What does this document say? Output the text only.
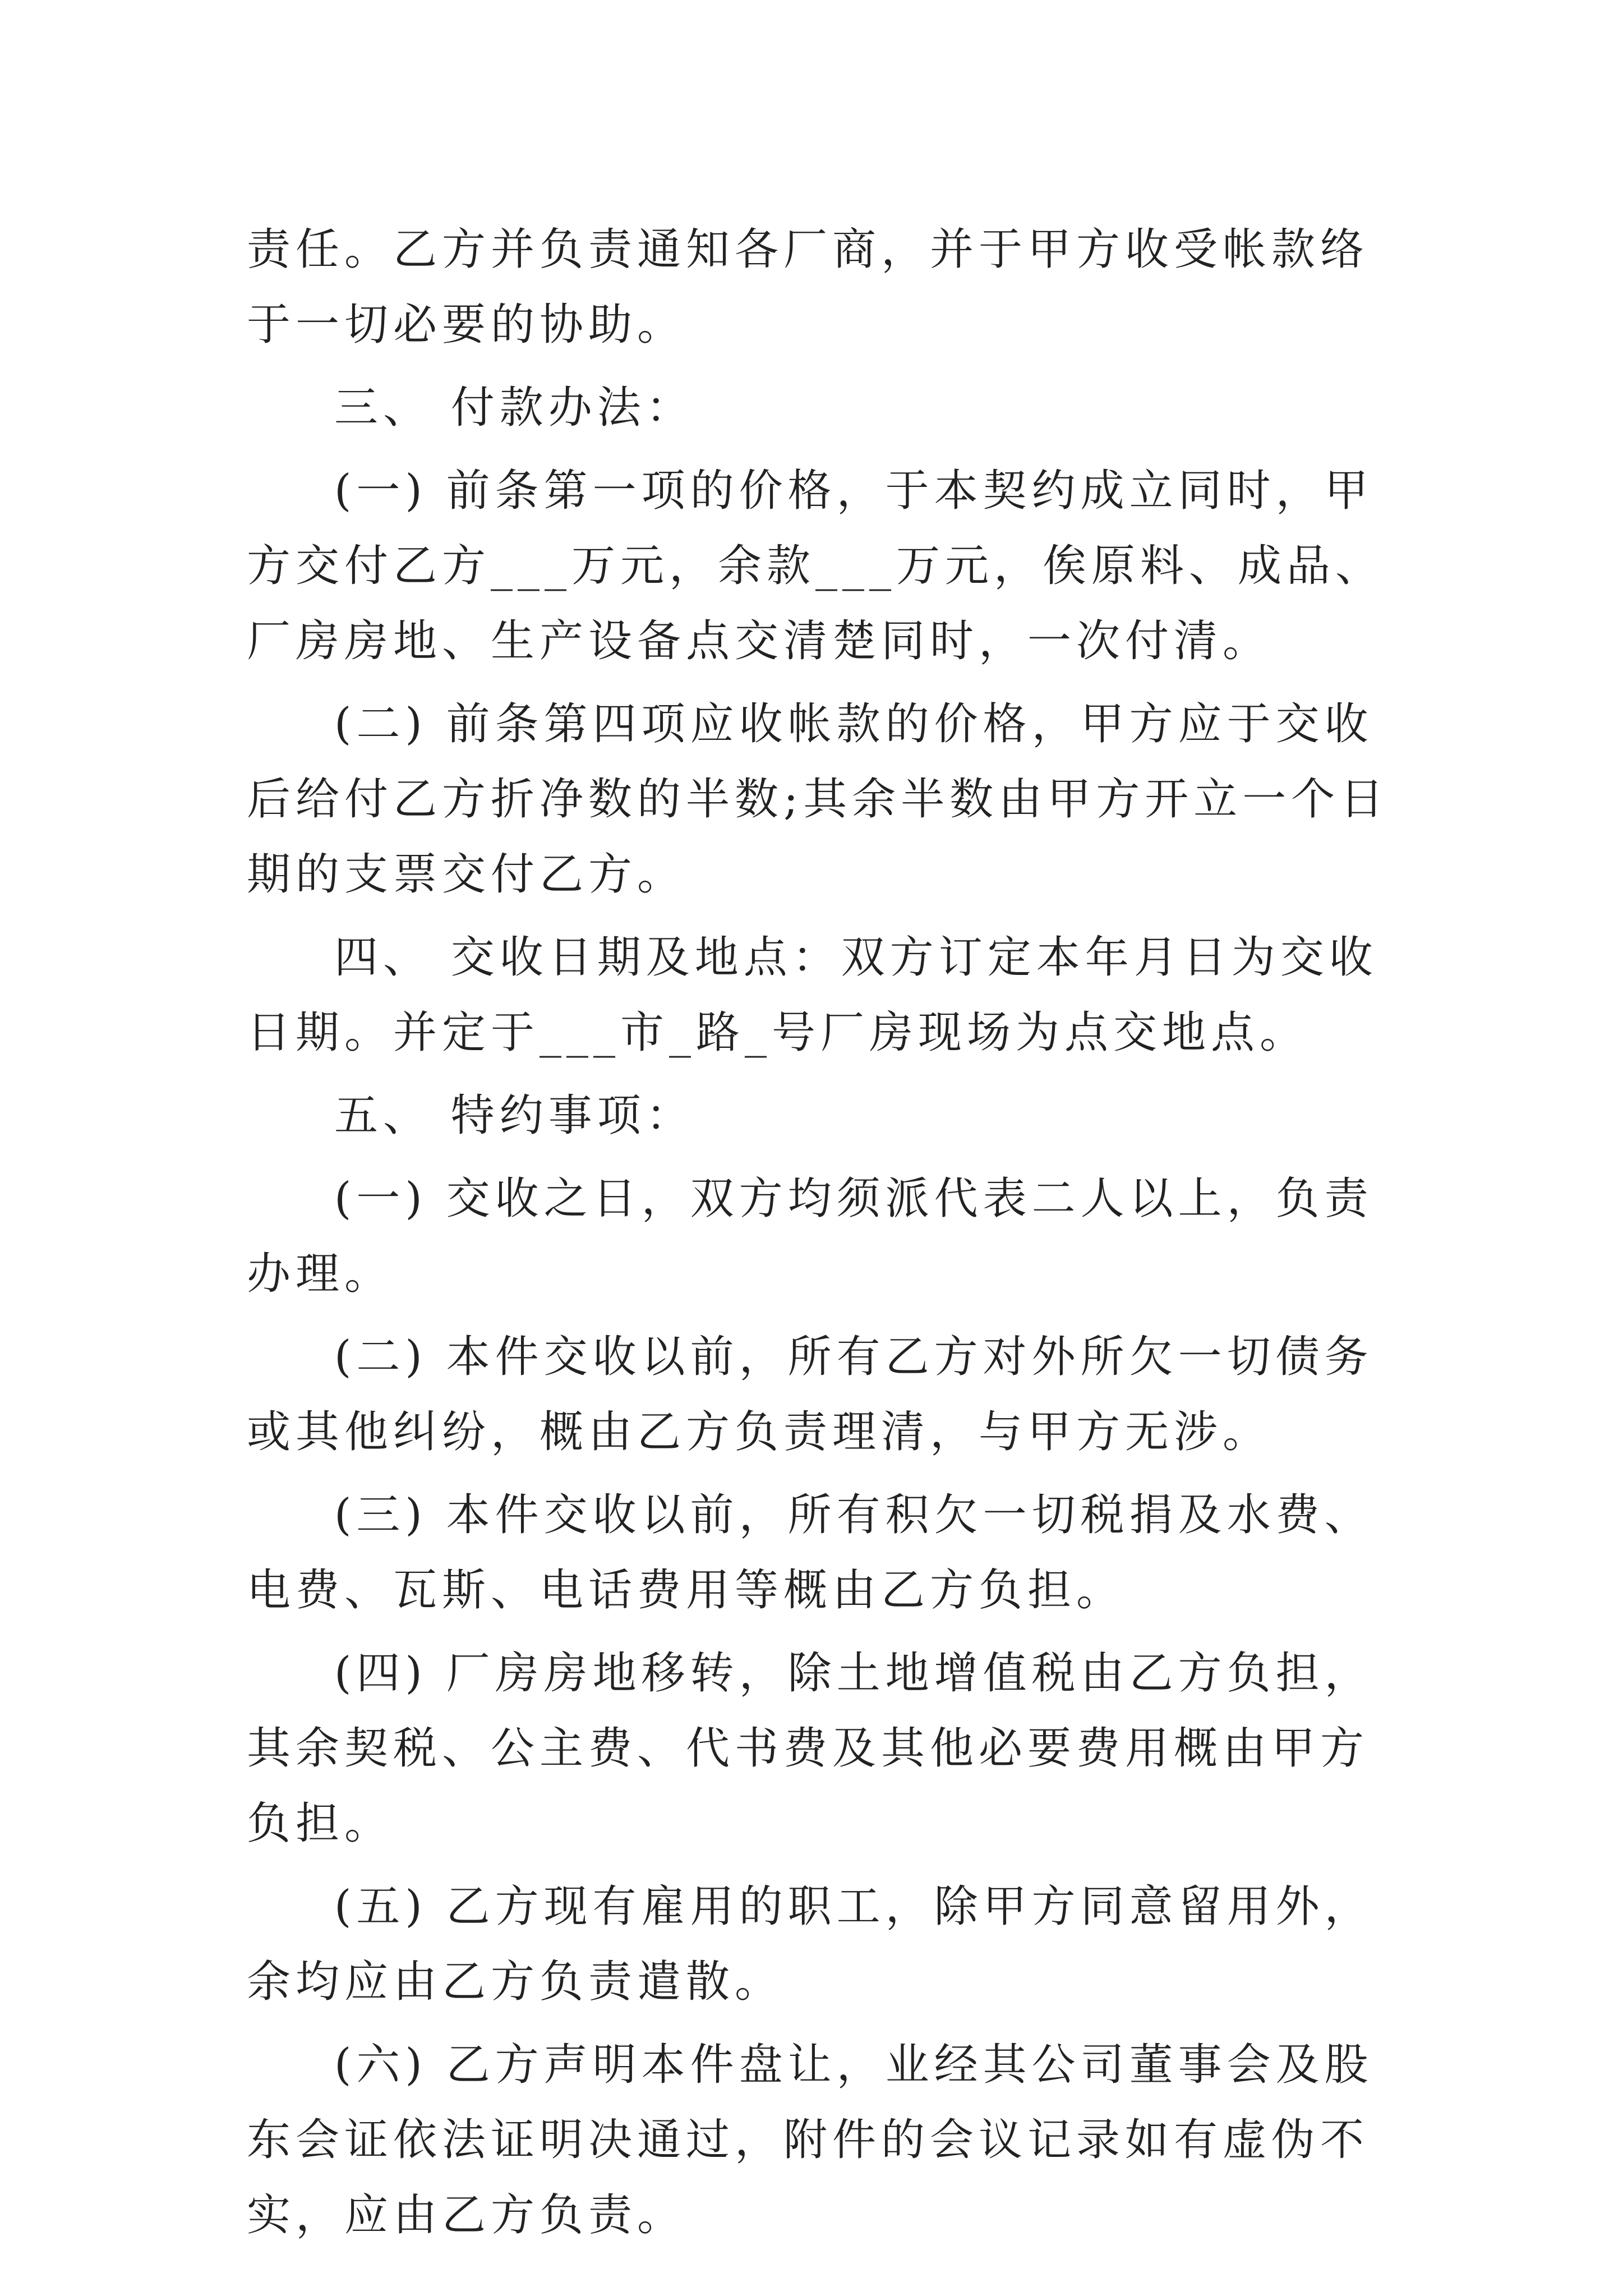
责任。乙方并负责通知各厂商，并于甲方收受帐款络于一切必要的协助。

三、 付款办法：

(一) 前条第一项的价格，于本契约成立同时，甲方交付乙方___万元，余款___万元，俟原料、成品、厂房房地、生产设备点交清楚同时，一次付清。

(二) 前条第四项应收帐款的价格，甲方应于交收后给付乙方折净数的半数;其余半数由甲方开立一个日期的支票交付乙方。

四、 交收日期及地点：双方订定本年月日为交收日期。并定于___市_路_号厂房现场为点交地点。

五、 特约事项：

(一) 交收之日，双方均须派代表二人以上，负责办理。

(二) 本件交收以前，所有乙方对外所欠一切债务或其他纠纷，概由乙方负责理清，与甲方无涉。

(三) 本件交收以前，所有积欠一切税捐及水费、电费、瓦斯、电话费用等概由乙方负担。

(四) 厂房房地移转，除土地增值税由乙方负担，其余契税、公主费、代书费及其他必要费用概由甲方负担。

(五) 乙方现有雇用的职工，除甲方同意留用外，余均应由乙方负责遣散。

(六) 乙方声明本件盘让，业经其公司董事会及股东会证依法证明决通过，附件的会议记录如有虚伪不实，应由乙方负责。
